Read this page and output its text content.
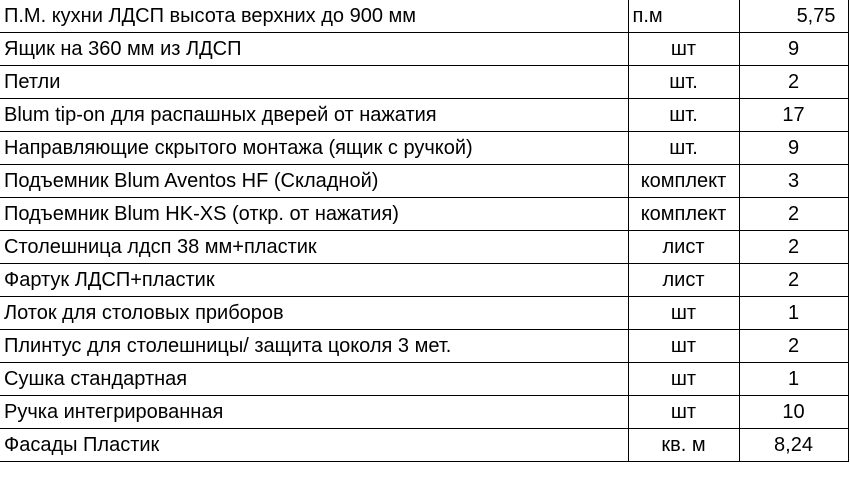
П.М. кухни ЛДСП высота верхних до 900 мм	п.м	5,75
Ящик на 360 мм из ЛДСП	шт	9
Петли	шт.	2
Blum tip-on для распашных дверей от нажатия	шт.	17
Направляющие скрытого монтажа (ящик с ручкой)	шт.	9
Подъемник Blum Aventos HF (Складной)	комплект	3
Подъемник Blum HK-XS (откр. от нажатия)	комплект	2
Столешница лдсп 38 мм+пластик	лист	2
Фартук ЛДСП+пластик	лист	2
Лоток для столовых приборов	шт	1
Плинтус для столешницы/ защита цоколя 3 мет.	шт	2
Сушка стандартная	шт	1
Ручка интегрированная	шт	10
Фасады Пластик	кв. м	8,24
